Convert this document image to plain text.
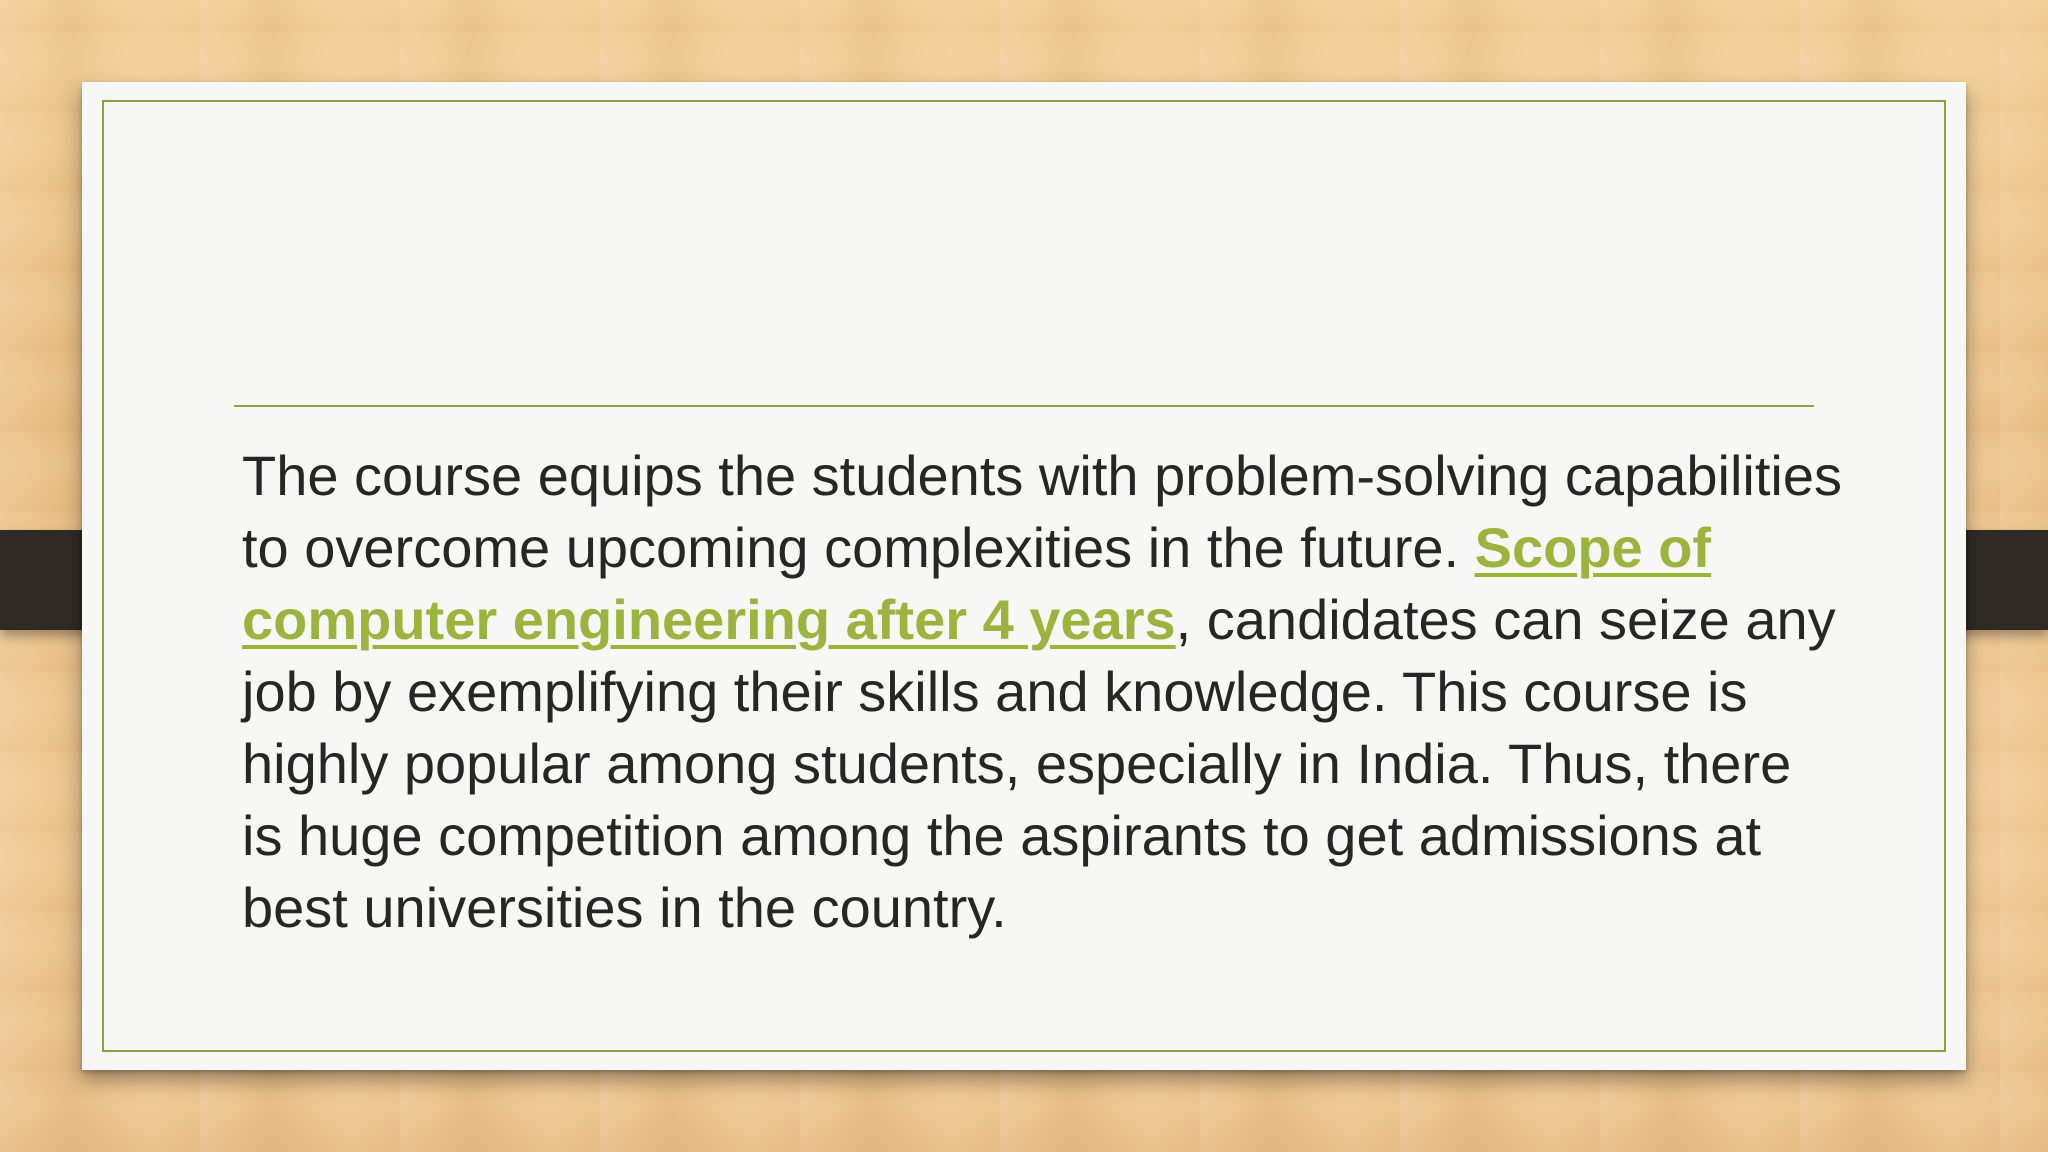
The course equips the students with problem-solving capabilities to overcome upcoming complexities in the future. Scope of computer engineering after 4 years, candidates can seize any job by exemplifying their skills and knowledge. This course is highly popular among students, especially in India. Thus, there is huge competition among the aspirants to get admissions at best universities in the country.
